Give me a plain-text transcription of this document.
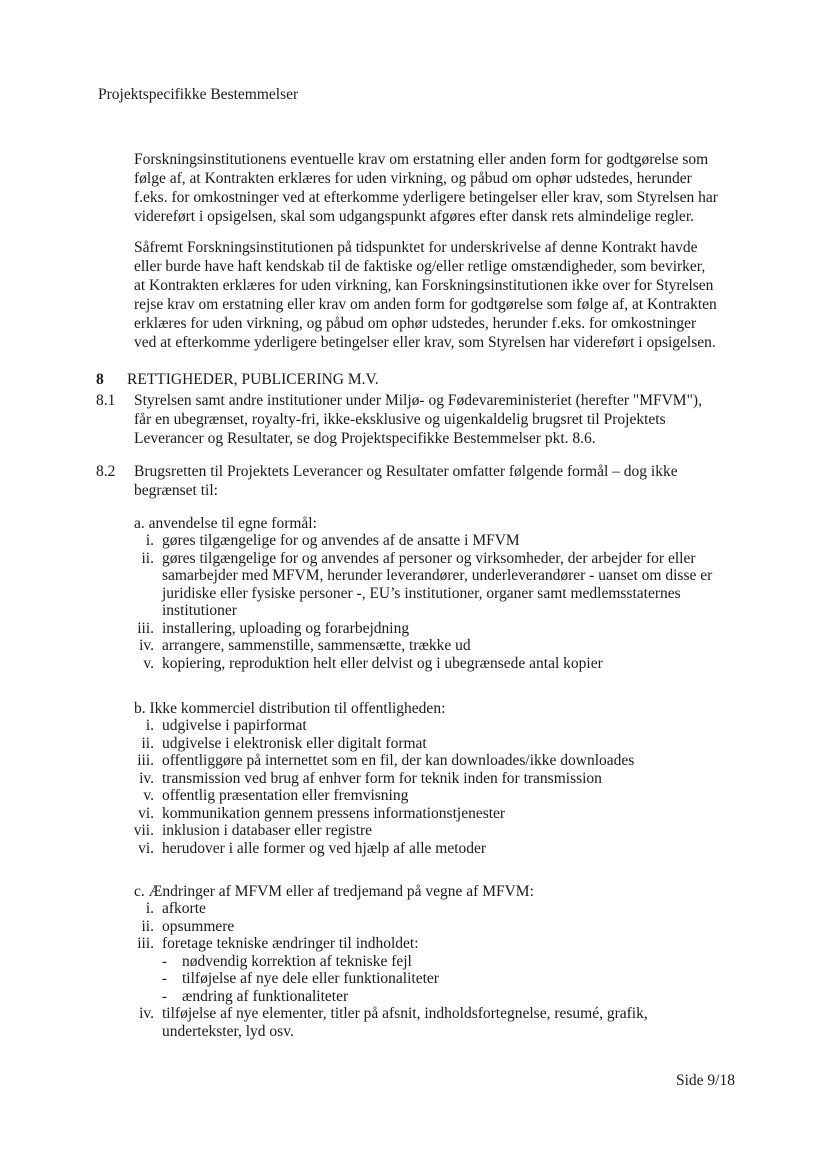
Projektspecifikke Bestemmelser
Forskningsinstitutionens eventuelle krav om erstatning eller anden form for godtgørelse som
følge af, at Kontrakten erklæres for uden virkning, og påbud om ophør udstedes, herunder
f.eks. for omkostninger ved at efterkomme yderligere betingelser eller krav, som Styrelsen har
videreført i opsigelsen, skal som udgangspunkt afgøres efter dansk rets almindelige regler.
Såfremt Forskningsinstitutionen på tidspunktet for underskrivelse af denne Kontrakt havde
eller burde have haft kendskab til de faktiske og/eller retlige omstændigheder, som bevirker,
at Kontrakten erklæres for uden virkning, kan Forskningsinstitutionen ikke over for Styrelsen
rejse krav om erstatning eller krav om anden form for godtgørelse som følge af, at Kontrakten
erklæres for uden virkning, og påbud om ophør udstedes, herunder f.eks. for omkostninger
ved at efterkomme yderligere betingelser eller krav, som Styrelsen har videreført i opsigelsen.
8 RETTIGHEDER, PUBLICERING M.V.
8.1 Styrelsen samt andre institutioner under Miljø- og Fødevareministeriet (herefter "MFVM"),
får en ubegrænset, royalty-fri, ikke-eksklusive og uigenkaldelig brugsret til Projektets
Leverancer og Resultater, se dog Projektspecifikke Bestemmelser pkt. 8.6.
8.2 Brugsretten til Projektets Leverancer og Resultater omfatter følgende formål – dog ikke
begrænset til:
a. anvendelse til egne formål:
i. gøres tilgængelige for og anvendes af de ansatte i MFVM
ii. gøres tilgængelige for og anvendes af personer og virksomheder, der arbejder for eller
samarbejder med MFVM, herunder leverandører, underleverandører - uanset om disse er
juridiske eller fysiske personer -, EU’s institutioner, organer samt medlemsstaternes
institutioner
iii. installering, uploading og forarbejdning
iv. arrangere, sammenstille, sammensætte, trække ud
v. kopiering, reproduktion helt eller delvist og i ubegrænsede antal kopier
b. Ikke kommerciel distribution til offentligheden:
i. udgivelse i papirformat
ii. udgivelse i elektronisk eller digitalt format
iii. offentliggøre på internettet som en fil, der kan downloades/ikke downloades
iv. transmission ved brug af enhver form for teknik inden for transmission
v. offentlig præsentation eller fremvisning
vi. kommunikation gennem pressens informationstjenester
vii. inklusion i databaser eller registre
vi. herudover i alle former og ved hjælp af alle metoder
c. Ændringer af MFVM eller af tredjemand på vegne af MFVM:
i. afkorte
ii. opsummere
iii. foretage tekniske ændringer til indholdet:
- nødvendig korrektion af tekniske fejl
- tilføjelse af nye dele eller funktionaliteter
- ændring af funktionaliteter
iv. tilføjelse af nye elementer, titler på afsnit, indholdsfortegnelse, resumé, grafik,
undertekster, lyd osv.
Side 9/18
